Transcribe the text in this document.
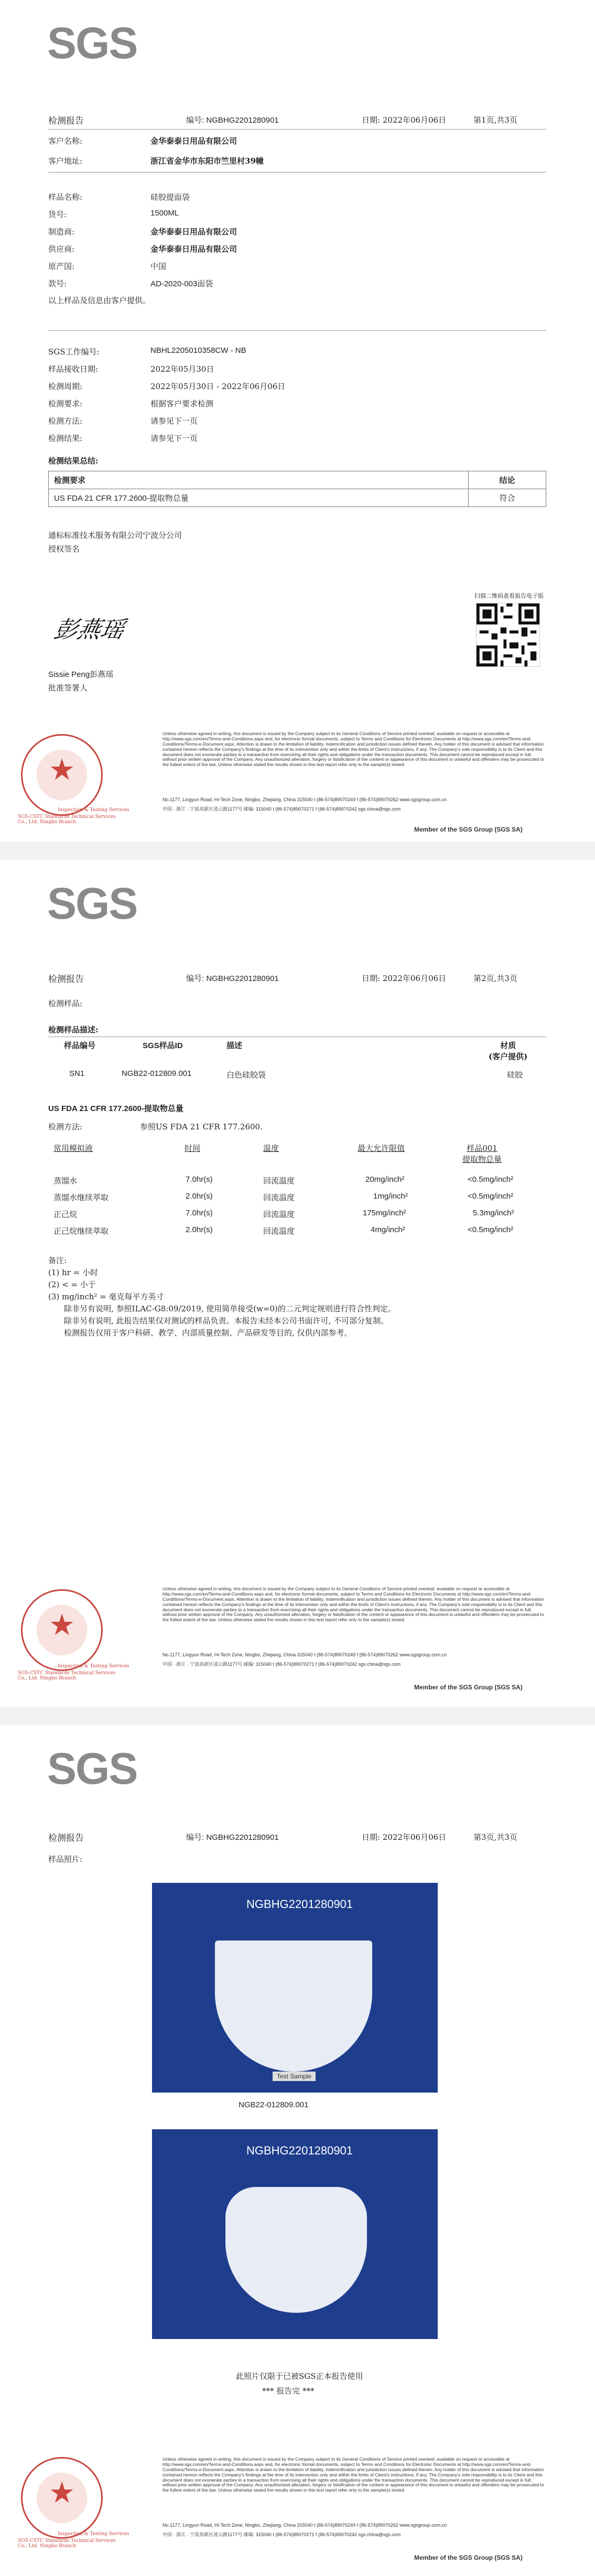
SGS
检测报告	编号: NGBHG2201280901	日期: 2022年06月06日	第1页,共3页
客户名称:	金华泰泰日用品有限公司
客户地址:	浙江省金华市东阳市竺里村39幢
样品名称:	硅胶提面袋
货号:	1500ML
制造商:	金华泰泰日用品有限公司
供应商:	金华泰泰日用品有限公司
原产国:	中国
款号:	AD-2020-003面袋
以上样品及信息由客户提供。
SGS工作编号:	NBHL2205010358CW - NB
样品接收日期:	2022年05月30日
检测周期:	2022年05月30日 - 2022年06月06日
检测要求:	根据客户要求检测
检测方法:	请参见下一页
检测结果:	请参见下一页
检测结果总结:
检测要求	结论
US FDA 21 CFR 177.2600-提取物总量	符合
通标标准技术服务有限公司宁波分公司
授权签名
彭燕瑶
Sissie Peng彭燕瑶
批准签署人
扫描二维码查看报告电子版
★
SGS-CSTC Standards Technical Services Co., Ltd. Ningbo Branch
Inspection & Testing Services
Unless otherwise agreed in writing, this document is issued by the Company subject to its General Conditions of Service printed overleaf, available on request or accessible at http://www.sgs.com/en/Terms-and-Conditions.aspx and, for electronic format documents, subject to Terms and Conditions for Electronic Documents at http://www.sgs.com/en/Terms-and-Conditions/Terms-e-Document.aspx. Attention is drawn to the limitation of liability, indemnification and jurisdiction issues defined therein. Any holder of this document is advised that information contained hereon reflects the Company's findings at the time of its intervention only and within the limits of Client's instructions, if any. The Company's sole responsibility is to its Client and this document does not exonerate parties to a transaction from exercising all their rights and obligations under the transaction documents. This document cannot be reproduced except in full, without prior written approval of the Company. Any unauthorized alteration, forgery or falsification of the content or appearance of this document is unlawful and offenders may be prosecuted to the fullest extent of the law. Unless otherwise stated the results shown in this test report refer only to the sample(s) tested.
No.1177, Lingyun Road, Hi-Tech Zone, Ningbo, Zhejiang, China 315040 t (86-574)89070249 f (86-574)89070262 www.sgsgroup.com.cn
中国 · 浙江 · 宁波高新区凌云路1177号 邮编: 315040 t (86-574)89070271 f (86-574)89070242 sgs.china@sgs.com
Member of the SGS Group (SGS SA)
SGS
检测报告	编号: NGBHG2201280901	日期: 2022年06月06日	第2页,共3页
检测样品:
检测样品描述:
样品编号	SGS样品ID	描述	材质
(客户提供)
SN1	NGB22-012809.001	白色硅胶袋	硅胶
US FDA 21 CFR 177.2600-提取物总量
检测方法:	参照US FDA 21 CFR 177.2600.
常用模拟液	时间	温度	最大允许限值	样品001
提取物总量
蒸馏水	7.0hr(s)	回流温度	20mg/inch²	<0.5mg/inch²
蒸馏水继续萃取	2.0hr(s)	回流温度	1mg/inch²	<0.5mg/inch²
正己烷	7.0hr(s)	回流温度	175mg/inch²	5.3mg/inch²
正己烷继续萃取	2.0hr(s)	回流温度	4mg/inch²	<0.5mg/inch²
备注:
(1) hr = 小时
(2) < = 小于
(3) mg/inch² = 毫克每平方英寸
除非另有说明, 参照ILAC-G8:09/2019, 使用简单接受(w=0)的二元判定规则进行符合性判定。
除非另有说明, 此报告结果仅对测试的样品负责。本报告未经本公司书面许可, 不可部分复制。
检测报告仅用于客户科研、教学、内部质量控制、产品研发等目的, 仅供内部参考。
★
SGS-CSTC Standards Technical Services Co., Ltd. Ningbo Branch
Inspection & Testing Services
Unless otherwise agreed in writing, this document is issued by the Company subject to its General Conditions of Service printed overleaf, available on request or accessible at http://www.sgs.com/en/Terms-and-Conditions.aspx and, for electronic format documents, subject to Terms and Conditions for Electronic Documents at http://www.sgs.com/en/Terms-and-Conditions/Terms-e-Document.aspx. Attention is drawn to the limitation of liability, indemnification and jurisdiction issues defined therein. Any holder of this document is advised that information contained hereon reflects the Company's findings at the time of its intervention only and within the limits of Client's instructions, if any. The Company's sole responsibility is to its Client and this document does not exonerate parties to a transaction from exercising all their rights and obligations under the transaction documents. This document cannot be reproduced except in full, without prior written approval of the Company. Any unauthorized alteration, forgery or falsification of the content or appearance of this document is unlawful and offenders may be prosecuted to the fullest extent of the law. Unless otherwise stated the results shown in this test report refer only to the sample(s) tested.
No.1177, Lingyun Road, Hi-Tech Zone, Ningbo, Zhejiang, China 315040 t (86-574)89070249 f (86-574)89070262 www.sgsgroup.com.cn
中国 · 浙江 · 宁波高新区凌云路1177号 邮编: 315040 t (86-574)89070271 f (86-574)89070242 sgs.china@sgs.com
Member of the SGS Group (SGS SA)
SGS
检测报告	编号: NGBHG2201280901	日期: 2022年06月06日	第3页,共3页
样品照片:
NGBHG2201280901
Test Sample
NGB22-012809.001
NGBHG2201280901
此照片仅限于已被SGS正本报告使用
*** 报告完 ***
★
SGS-CSTC Standards Technical Services Co., Ltd. Ningbo Branch
Inspection & Testing Services
Unless otherwise agreed in writing, this document is issued by the Company subject to its General Conditions of Service printed overleaf, available on request or accessible at http://www.sgs.com/en/Terms-and-Conditions.aspx and, for electronic format documents, subject to Terms and Conditions for Electronic Documents at http://www.sgs.com/en/Terms-and-Conditions/Terms-e-Document.aspx. Attention is drawn to the limitation of liability, indemnification and jurisdiction issues defined therein. Any holder of this document is advised that information contained hereon reflects the Company's findings at the time of its intervention only and within the limits of Client's instructions, if any. The Company's sole responsibility is to its Client and this document does not exonerate parties to a transaction from exercising all their rights and obligations under the transaction documents. This document cannot be reproduced except in full, without prior written approval of the Company. Any unauthorized alteration, forgery or falsification of the content or appearance of this document is unlawful and offenders may be prosecuted to the fullest extent of the law. Unless otherwise stated the results shown in this test report refer only to the sample(s) tested.
No.1177, Lingyun Road, Hi-Tech Zone, Ningbo, Zhejiang, China 315040 t (86-574)89070249 f (86-574)89070262 www.sgsgroup.com.cn
中国 · 浙江 · 宁波高新区凌云路1177号 邮编: 315040 t (86-574)89070271 f (86-574)89070242 sgs.china@sgs.com
Member of the SGS Group (SGS SA)
